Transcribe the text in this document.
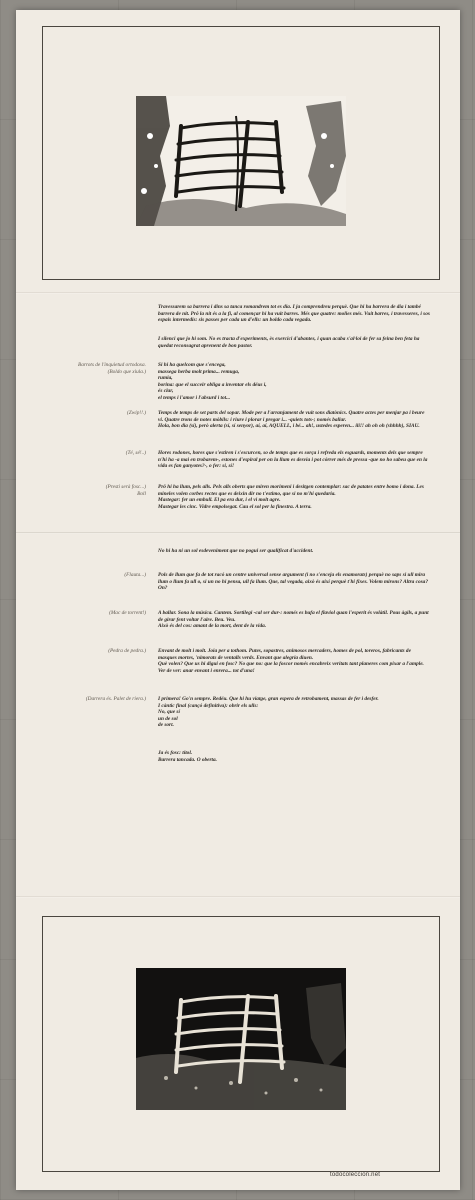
Travessarem sa barrera i dins sa tanca romandrem tot es dia. I ja comprendreu perquè. Que hi ha barrera de dia i també barrera de nit. Prô la nit és a la fi, al començar hi ha vuit barres. Més que quatre: molies més. Vuit barres, i travesseres, i sos espais intermedis: sis passes per cada un d'ells: un boldo cada vegada.

I silenci que jo hi som. No es tracta d'experiments, ès exercici d'abantes, i quan acaba s'al·loi de fer sa feina ben feta ha quedat reconsagrat aprenent de bon pastor.

Barrots de l'inquietud ortodoxa.
(Boldo que xiula.)

Si hi ha quelcom que s'encega,

massega herba molt prima... remuga,

rumia,

borina: que el succeir obliga a inventar els déus i,

és clar,

el temps i l'amor i l'absurd i tot...

(Zwip!!.) Temps de temps de set parts del sopar. Mode per a l'arranjament de vuit sons diatònics. Quatre actes per menjar pa i beure vi. Quatre trons de notes mòbils: i riure i plorar i pregar i... -quiets tots-; només ballar.

Hola, bon dia (sí), però alerta (sí, sí senyor), aí, aí, AQUELL, i bé... ah!, ustedes esperen... ili!! ah oh oh (shhhh), SIAU.

(Té, sé!..) Hores rodones, hores que s'estiren i s'escurcen, so de temps que es sorça i refreda els esguards, moments dels que sempre n'hi ha -a mai en trobarem-, estones d'espiral per on la llum es desvia i pot córrer més de pressa -que no ho sabeu que en la vida es fan ganyotes?-, o fer: si, sí!

(Presti serà fosc...)
Boll

Prô hi ha llum, pels alls. Pels alls oberts que miren morimeni i desitgen contemplar: sac de patates entre bomo i dona. Les mineles volen corbes rectes que es deixin dir no t'estimo, que si no m'hi quedaria.

Mastegar: fer un embull. El pa era dur, i el vi molt agre.

Mastegar les cinc. Vidre empolsegat. Cau el sol per la finestra. A terra.

No hi ha ni un sol esdeveniment que no pogui ser qualificat d'accident.

(Flauta...) Pols de llum que fa de tot racó un centre universal sense argument (i no s'enceja els enamorats) perquè no saps si ull mira llum o llum fa ull o, si un no hi pensa, ull fa llum. Que, tal vegada, això és així perquè t'hi fixes. Volem mirons? Altra cosa? On?

(Mac de torrent!) A ballar. Sona la música. Cantem. Sortilegi -cal ser dur-: només es bufa el flaviol quan l'esperit és volàtil. Pous àgils, a punt de girar fent voltar l'aire. Beu. Veu.

Això és del cos: amant de la mort, dent de la vida.

(Pedra de pedra.) Envant de molt i molt. Joia per a tothom. Putes, sopastres, animosos mercaders, homes de pol, toreros, fabricants de masques mortes, 'nimorats de ventalls verds. Envant que alegria diuen.

Què volen? Que us hi digui en fosc? No que no: que la foscor només encabreix veritats tant planeres com pixar a l'ample.

Ver de ver: anar envant i enrera... tot d'una!

(Darrera és. Palet de riera.) I primera! Go'n sempre. Redéu. Que hi hu viatge, gran espera de retrobament, massas de fer i desfer.

I càntic final (cançó definitiva): obrir els ulls:

No, que sí

un de sol

de sort.

Ja és fosc: títol.

Barrera tancada. O oberta.

todocoleccion.net
